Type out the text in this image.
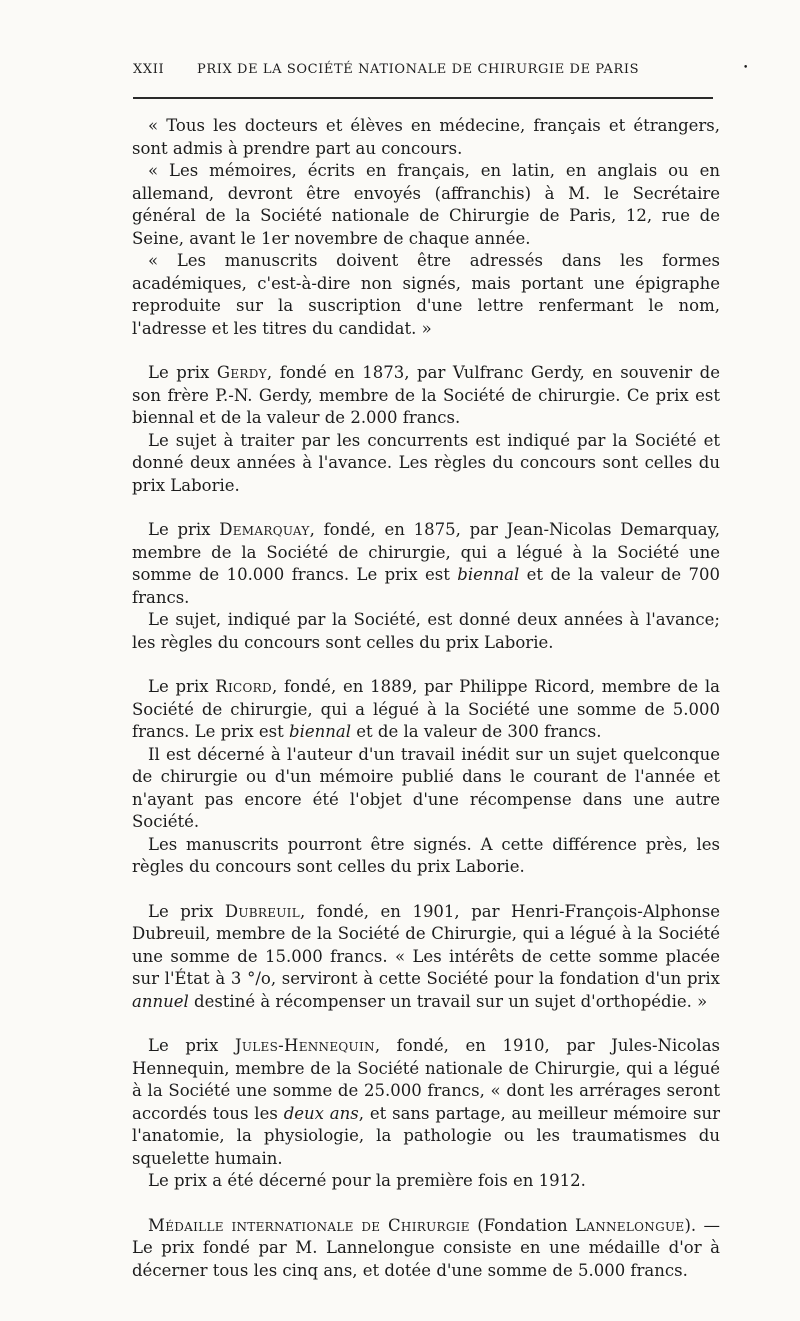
XXII	PRIX DE LA SOCIÉTÉ NATIONALE DE CHIRURGIE DE PARIS	•

« Tous les docteurs et élèves en médecine, français et étrangers, sont admis à prendre part au concours.

« Les mémoires, écrits en français, en latin, en anglais ou en allemand, devront être envoyés (affranchis) à M. le Secrétaire général de la Société nationale de Chirurgie de Paris, 12, rue de Seine, avant le 1er novembre de chaque année.

« Les manuscrits doivent être adressés dans les formes académiques, c'est-à-dire non signés, mais portant une épigraphe reproduite sur la suscription d'une lettre renfermant le nom, l'adresse et les titres du candidat. »

Le prix Gerdy, fondé en 1873, par Vulfranc Gerdy, en souvenir de son frère P.-N. Gerdy, membre de la Société de chirurgie. Ce prix est biennal et de la valeur de 2.000 francs.

Le sujet à traiter par les concurrents est indiqué par la Société et donné deux années à l'avance. Les règles du concours sont celles du prix Laborie.

Le prix Demarquay, fondé, en 1875, par Jean-Nicolas Demarquay, membre de la Société de chirurgie, qui a légué à la Société une somme de 10.000 francs. Le prix est biennal et de la valeur de 700 francs.

Le sujet, indiqué par la Société, est donné deux années à l'avance; les règles du concours sont celles du prix Laborie.

Le prix Ricord, fondé, en 1889, par Philippe Ricord, membre de la Société de chirurgie, qui a légué à la Société une somme de 5.000 francs. Le prix est biennal et de la valeur de 300 francs.

Il est décerné à l'auteur d'un travail inédit sur un sujet quelconque de chirurgie ou d'un mémoire publié dans le courant de l'année et n'ayant pas encore été l'objet d'une récompense dans une autre Société.

Les manuscrits pourront être signés. A cette différence près, les règles du concours sont celles du prix Laborie.

Le prix Dubreuil, fondé, en 1901, par Henri-François-Alphonse Dubreuil, membre de la Société de Chirurgie, qui a légué à la Société une somme de 15.000 francs. « Les intérêts de cette somme placée sur l'État à 3 °/o, serviront à cette Société pour la fondation d'un prix annuel destiné à récompenser un travail sur un sujet d'orthopédie. »

Le prix Jules-Hennequin, fondé, en 1910, par Jules-Nicolas Hennequin, membre de la Société nationale de Chirurgie, qui a légué à la Société une somme de 25.000 francs, « dont les arrérages seront accordés tous les deux ans, et sans partage, au meilleur mémoire sur l'anatomie, la physiologie, la pathologie ou les traumatismes du squelette humain.

Le prix a été décerné pour la première fois en 1912.

Médaille internationale de Chirurgie (Fondation Lannelongue). — Le prix fondé par M. Lannelongue consiste en une médaille d'or à décerner tous les cinq ans, et dotée d'une somme de 5.000 francs.
